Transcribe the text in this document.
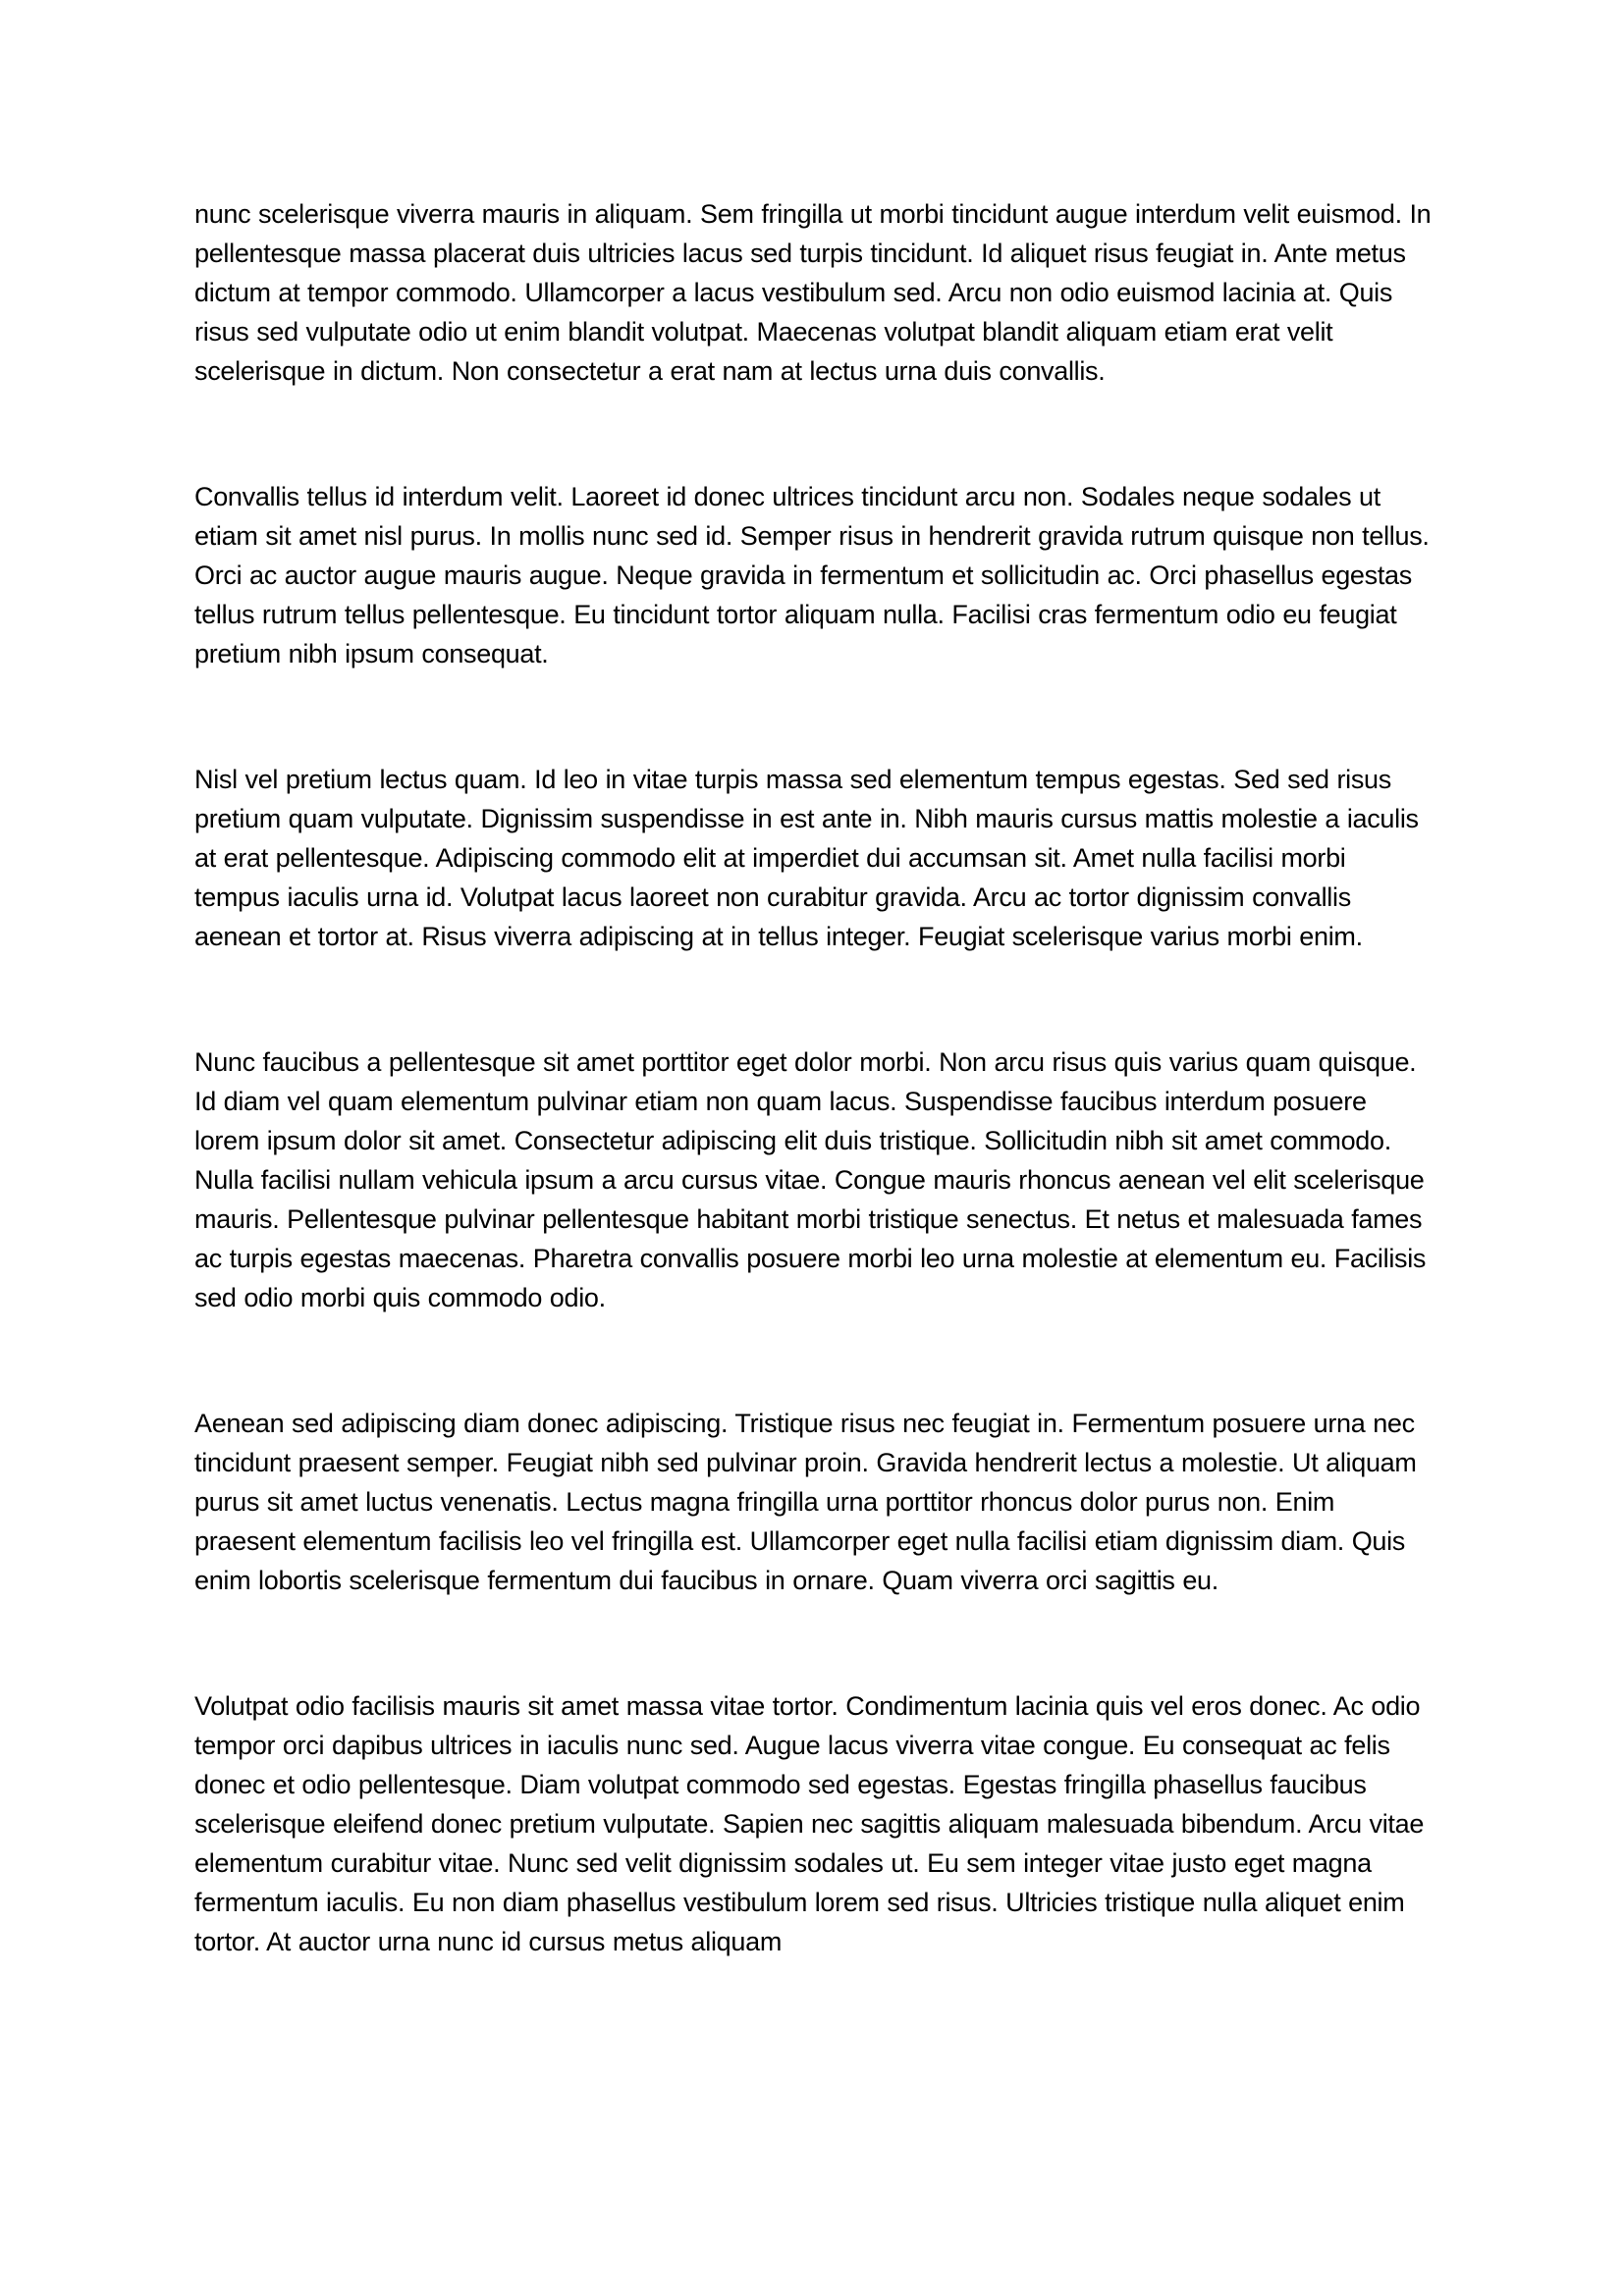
nunc scelerisque viverra mauris in aliquam. Sem fringilla ut morbi tincidunt augue interdum velit euismod. In pellentesque massa placerat duis ultricies lacus sed turpis tincidunt. Id aliquet risus feugiat in. Ante metus dictum at tempor commodo. Ullamcorper a lacus vestibulum sed. Arcu non odio euismod lacinia at. Quis risus sed vulputate odio ut enim blandit volutpat. Maecenas volutpat blandit aliquam etiam erat velit scelerisque in dictum. Non consectetur a erat nam at lectus urna duis convallis.

Convallis tellus id interdum velit. Laoreet id donec ultrices tincidunt arcu non. Sodales neque sodales ut etiam sit amet nisl purus. In mollis nunc sed id. Semper risus in hendrerit gravida rutrum quisque non tellus. Orci ac auctor augue mauris augue. Neque gravida in fermentum et sollicitudin ac. Orci phasellus egestas tellus rutrum tellus pellentesque. Eu tincidunt tortor aliquam nulla. Facilisi cras fermentum odio eu feugiat pretium nibh ipsum consequat.

Nisl vel pretium lectus quam. Id leo in vitae turpis massa sed elementum tempus egestas. Sed sed risus pretium quam vulputate. Dignissim suspendisse in est ante in. Nibh mauris cursus mattis molestie a iaculis at erat pellentesque. Adipiscing commodo elit at imperdiet dui accumsan sit. Amet nulla facilisi morbi tempus iaculis urna id. Volutpat lacus laoreet non curabitur gravida. Arcu ac tortor dignissim convallis aenean et tortor at. Risus viverra adipiscing at in tellus integer. Feugiat scelerisque varius morbi enim.

Nunc faucibus a pellentesque sit amet porttitor eget dolor morbi. Non arcu risus quis varius quam quisque. Id diam vel quam elementum pulvinar etiam non quam lacus. Suspendisse faucibus interdum posuere lorem ipsum dolor sit amet. Consectetur adipiscing elit duis tristique. Sollicitudin nibh sit amet commodo. Nulla facilisi nullam vehicula ipsum a arcu cursus vitae. Congue mauris rhoncus aenean vel elit scelerisque mauris. Pellentesque pulvinar pellentesque habitant morbi tristique senectus. Et netus et malesuada fames ac turpis egestas maecenas. Pharetra convallis posuere morbi leo urna molestie at elementum eu. Facilisis sed odio morbi quis commodo odio.

Aenean sed adipiscing diam donec adipiscing. Tristique risus nec feugiat in. Fermentum posuere urna nec tincidunt praesent semper. Feugiat nibh sed pulvinar proin. Gravida hendrerit lectus a molestie. Ut aliquam purus sit amet luctus venenatis. Lectus magna fringilla urna porttitor rhoncus dolor purus non. Enim praesent elementum facilisis leo vel fringilla est. Ullamcorper eget nulla facilisi etiam dignissim diam. Quis enim lobortis scelerisque fermentum dui faucibus in ornare. Quam viverra orci sagittis eu.

Volutpat odio facilisis mauris sit amet massa vitae tortor. Condimentum lacinia quis vel eros donec. Ac odio tempor orci dapibus ultrices in iaculis nunc sed. Augue lacus viverra vitae congue. Eu consequat ac felis donec et odio pellentesque. Diam volutpat commodo sed egestas. Egestas fringilla phasellus faucibus scelerisque eleifend donec pretium vulputate. Sapien nec sagittis aliquam malesuada bibendum. Arcu vitae elementum curabitur vitae. Nunc sed velit dignissim sodales ut. Eu sem integer vitae justo eget magna fermentum iaculis. Eu non diam phasellus vestibulum lorem sed risus. Ultricies tristique nulla aliquet enim tortor. At auctor urna nunc id cursus metus aliquam
